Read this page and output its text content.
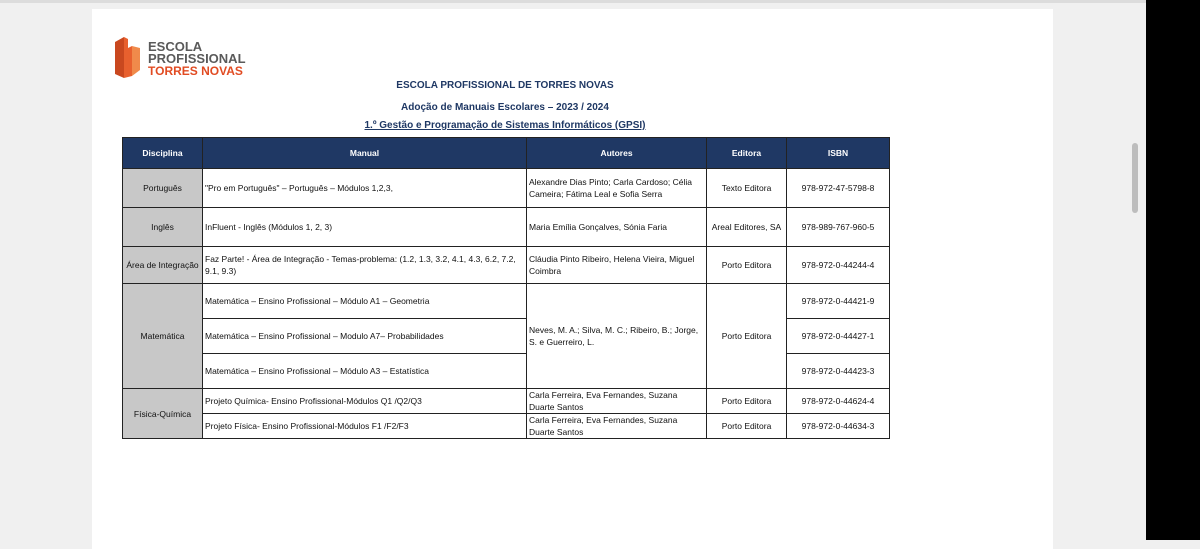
ESCOLA
PROFISSIONAL
TORRES NOVAS
ESCOLA PROFISSIONAL DE TORRES NOVAS
Adoção de Manuais Escolares – 2023 / 2024
1.º Gestão e Programação de Sistemas Informáticos (GPSI)
Disciplina	Manual	Autores	Editora	ISBN
Português	"Pro em Português" – Português – Módulos 1,2,3,	Alexandre Dias Pinto; Carla Cardoso; Célia Cameira; Fátima Leal e Sofia Serra	Texto Editora	978-972-47-5798-8
Inglês	InFluent - Inglês (Módulos 1, 2, 3)	Maria Emília Gonçalves, Sónia Faria	Areal Editores, SA	978-989-767-960-5
Área de Integração	Faz Parte! - Área de Integração - Temas-problema: (1.2, 1.3, 3.2, 4.1, 4.3, 6.2, 7.2, 9.1, 9.3)	Cláudia Pinto Ribeiro, Helena Vieira, Miguel Coimbra	Porto Editora	978-972-0-44244-4
Matemática	Matemática – Ensino Profissional – Módulo A1 – Geometria	Neves, M. A.; Silva, M. C.; Ribeiro, B.; Jorge, S. e Guerreiro, L.	Porto Editora	978-972-0-44421-9
	Matemática – Ensino Profissional – Modulo A7– Probabilidades			978-972-0-44427-1
	Matemática – Ensino Profissional – Módulo A3 – Estatística			978-972-0-44423-3
Física-Química	Projeto Química- Ensino Profissional-Módulos Q1 /Q2/Q3	Carla Ferreira, Eva Fernandes, Suzana Duarte Santos	Porto Editora	978-972-0-44624-4
	Projeto Física- Ensino Profissional-Módulos F1 /F2/F3	Carla Ferreira, Eva Fernandes, Suzana Duarte Santos	Porto Editora	978-972-0-44634-3
